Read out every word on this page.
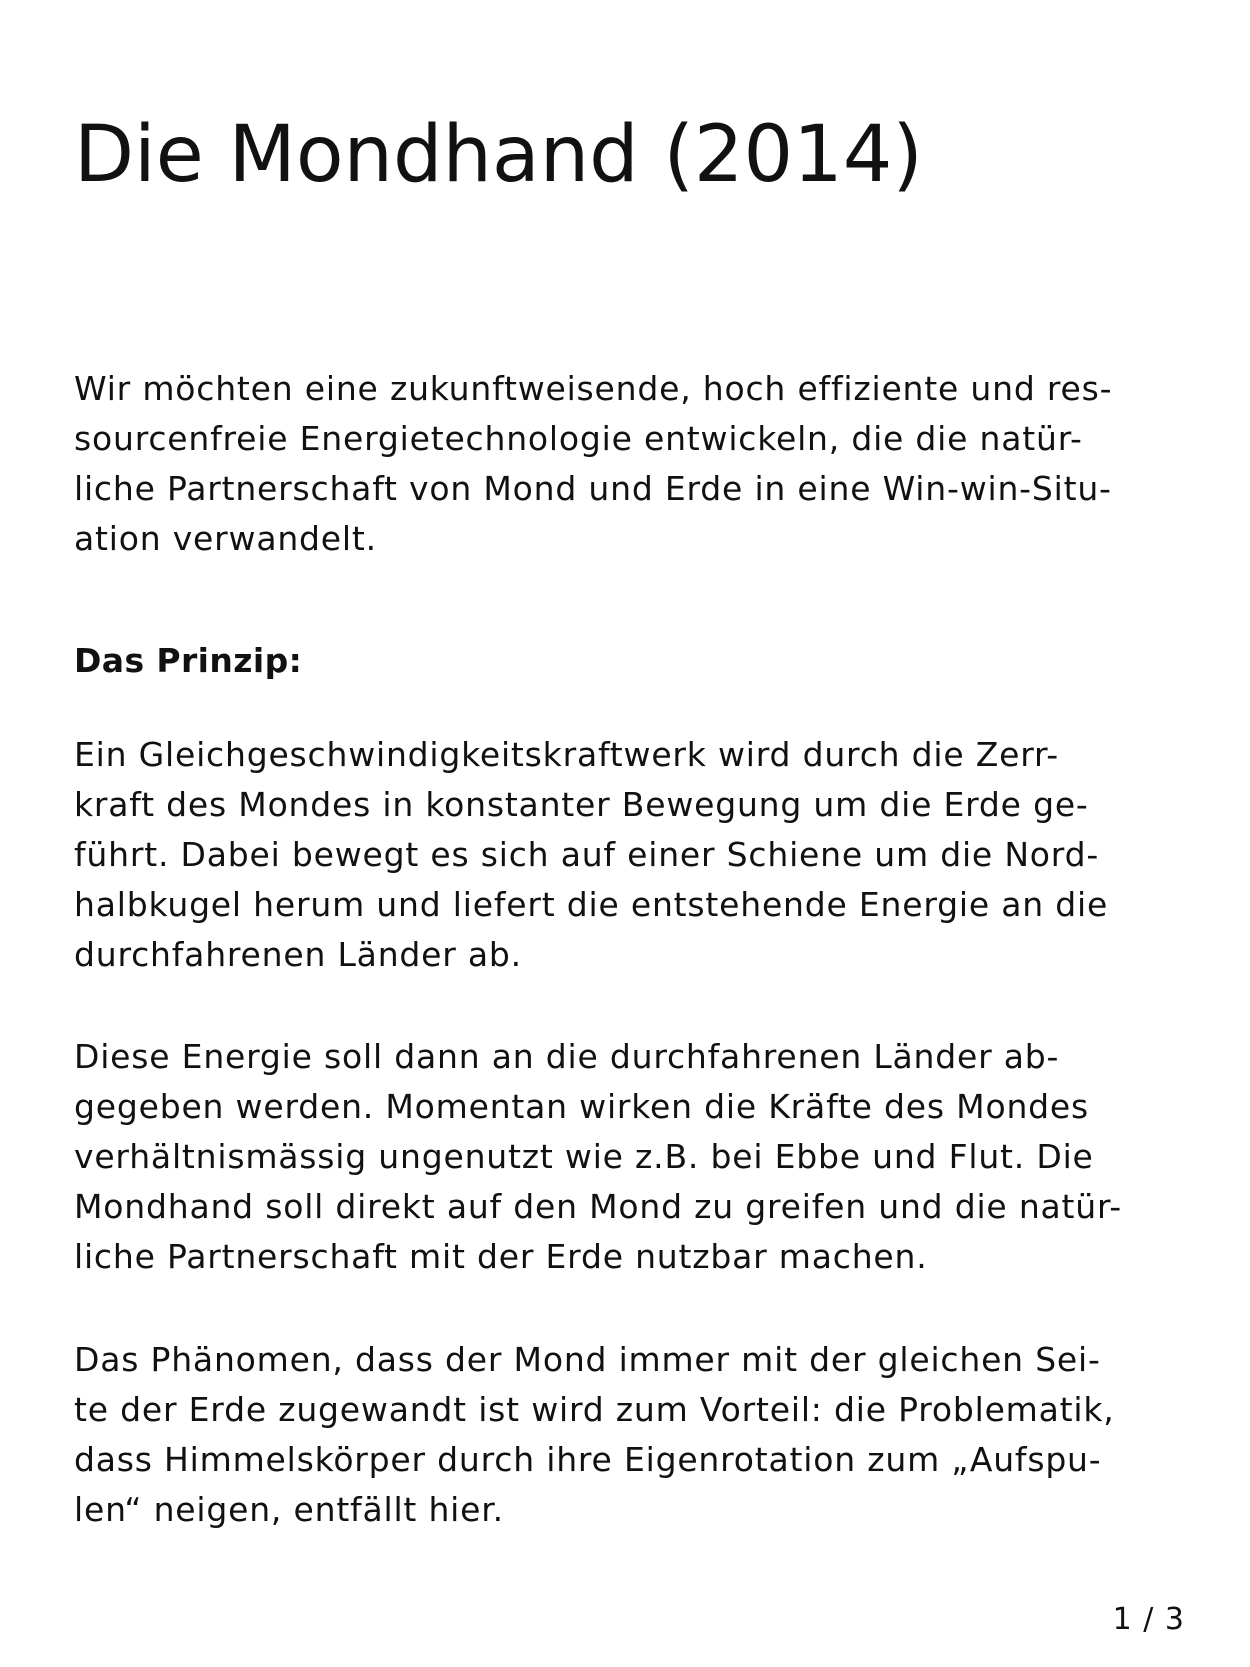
Die Mondhand (2014)

Wir möchten eine zukunftweisende, hoch effiziente und res-
sourcenfreie Energietechnologie entwickeln, die die natür-
liche Partnerschaft von Mond und Erde in eine Win-win-Situ-
ation verwandelt.

Das Prinzip:

Ein Gleichgeschwindigkeitskraftwerk wird durch die Zerr-
kraft des Mondes in konstanter Bewegung um die Erde ge-
führt. Dabei bewegt es sich auf einer Schiene um die Nord-
halbkugel herum und liefert die entstehende Energie an die
durchfahrenen Länder ab.

Diese Energie soll dann an die durchfahrenen Länder ab-
gegeben werden. Momentan wirken die Kräfte des Mondes
verhältnismässig ungenutzt wie z.B. bei Ebbe und Flut. Die
Mondhand soll direkt auf den Mond zu greifen und die natür-
liche Partnerschaft mit der Erde nutzbar machen.

Das Phänomen, dass der Mond immer mit der gleichen Sei-
te der Erde zugewandt ist wird zum Vorteil: die Problematik,
dass Himmelskörper durch ihre Eigenrotation zum „Aufspu-
len“ neigen, entfällt hier.

1 / 3
